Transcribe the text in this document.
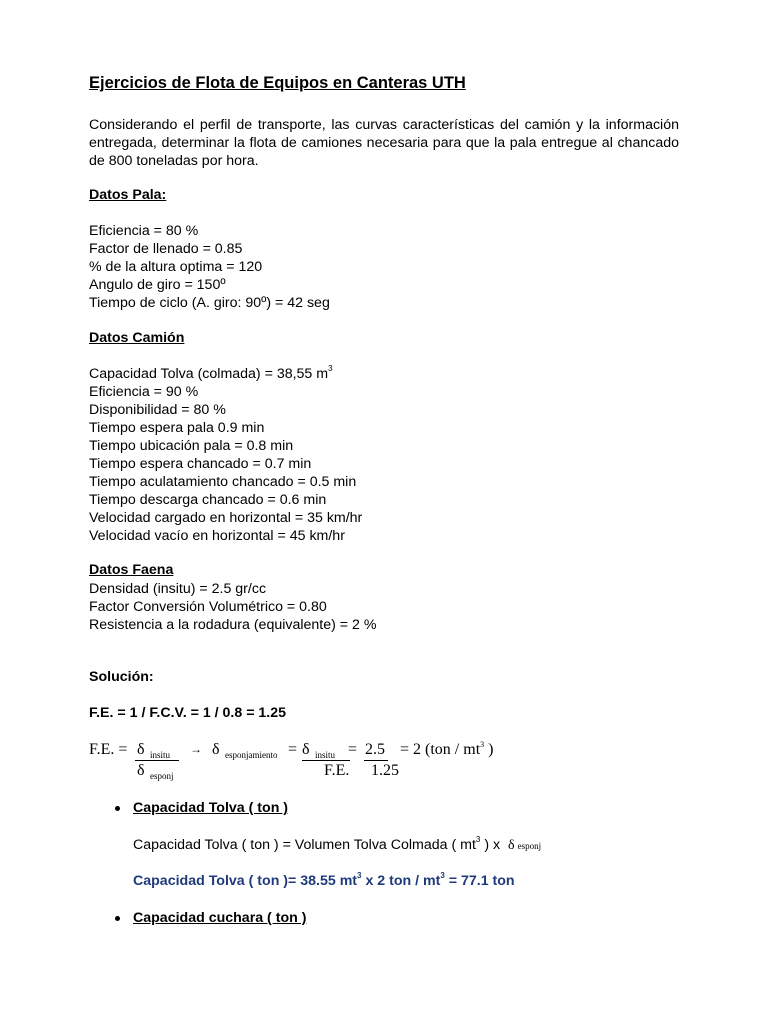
Ejercicios de Flota de Equipos en Canteras UTH
Considerando el perfil de transporte, las curvas características del camión y la información entregada, determinar la flota de camiones necesaria para que la pala entregue al chancado de 800 toneladas por hora.
Datos Pala:
Eficiencia = 80 %
Factor de llenado = 0.85
% de la altura optima = 120
Angulo de giro = 150º
Tiempo de ciclo (A. giro: 90º) = 42 seg
Datos Camión
Capacidad Tolva (colmada) = 38,55 $m^3$
Eficiencia = 90 %
Disponibilidad = 80 %
Tiempo espera pala 0.9 min
Tiempo ubicación pala = 0.8 min
Tiempo espera chancado = 0.7 min
Tiempo aculatamiento chancado = 0.5 min
Tiempo descarga chancado = 0.6 min
Velocidad cargado en horizontal = 35 km/hr
Velocidad vacío en horizontal = 45 km/hr
Datos Faena
Densidad (insitu) = 2.5 gr/cc
Factor Conversión Volumétrico = 0.80
Resistencia a la rodadura (equivalente) = 2 %
Solución:
F.E. = 1 / F.C.V. = 1 / 0.8 = 1.25
F.E. = δ insitu
δ esponj
→ δ esponjamiento = δ insitu
F.E.
= 2.5
1.25
= 2 ($ton / mt^3$ )
Capacidad Tolva ( ton )
Capacidad Tolva ( ton ) = Volumen Tolva Colmada ( $mt^3$ ) x δ esponj
Capacidad Tolva ( ton )= 38.55 $mt^3$ x 2 ton / $mt^3 = 77.1$ ton
Capacidad cuchara ( ton )
